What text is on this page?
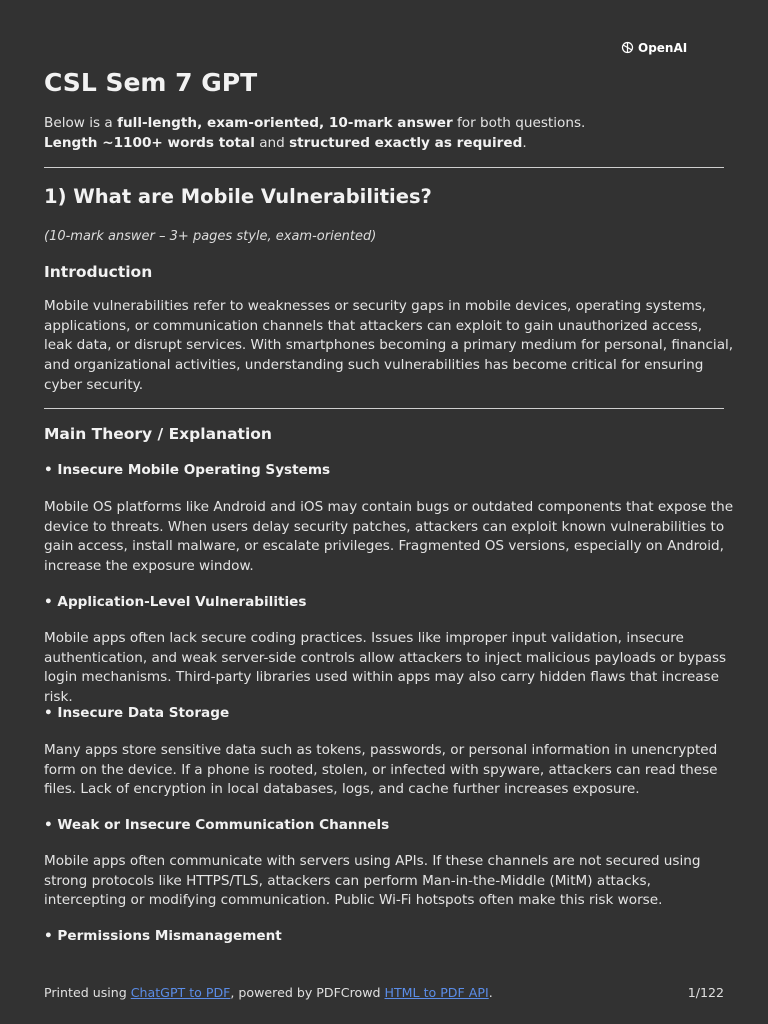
OpenAI
CSL Sem 7 GPT

Below is a full-length, exam-oriented, 10-mark answer for both questions.
Length ~1100+ words total and structured exactly as required.

1) What are Mobile Vulnerabilities?

(10-mark answer – 3+ pages style, exam-oriented)

Introduction

Mobile vulnerabilities refer to weaknesses or security gaps in mobile devices, operating systems, applications, or communication channels that attackers can exploit to gain unauthorized access, leak data, or disrupt services. With smartphones becoming a primary medium for personal, financial, and organizational activities, understanding such vulnerabilities has become critical for ensuring cyber security.

Main Theory / Explanation

• Insecure Mobile Operating Systems

Mobile OS platforms like Android and iOS may contain bugs or outdated components that expose the device to threats. When users delay security patches, attackers can exploit known vulnerabilities to gain access, install malware, or escalate privileges. Fragmented OS versions, especially on Android, increase the exposure window.

• Application-Level Vulnerabilities

Mobile apps often lack secure coding practices. Issues like improper input validation, insecure authentication, and weak server-side controls allow attackers to inject malicious payloads or bypass login mechanisms. Third-party libraries used within apps may also carry hidden flaws that increase risk.

• Insecure Data Storage

Many apps store sensitive data such as tokens, passwords, or personal information in unencrypted form on the device. If a phone is rooted, stolen, or infected with spyware, attackers can read these files. Lack of encryption in local databases, logs, and cache further increases exposure.

• Weak or Insecure Communication Channels

Mobile apps often communicate with servers using APIs. If these channels are not secured using strong protocols like HTTPS/TLS, attackers can perform Man-in-the-Middle (MitM) attacks, intercepting or modifying communication. Public Wi-Fi hotspots often make this risk worse.

• Permissions Mismanagement

Printed using ChatGPT to PDF, powered by PDFCrowd HTML to PDF API.	1/122
